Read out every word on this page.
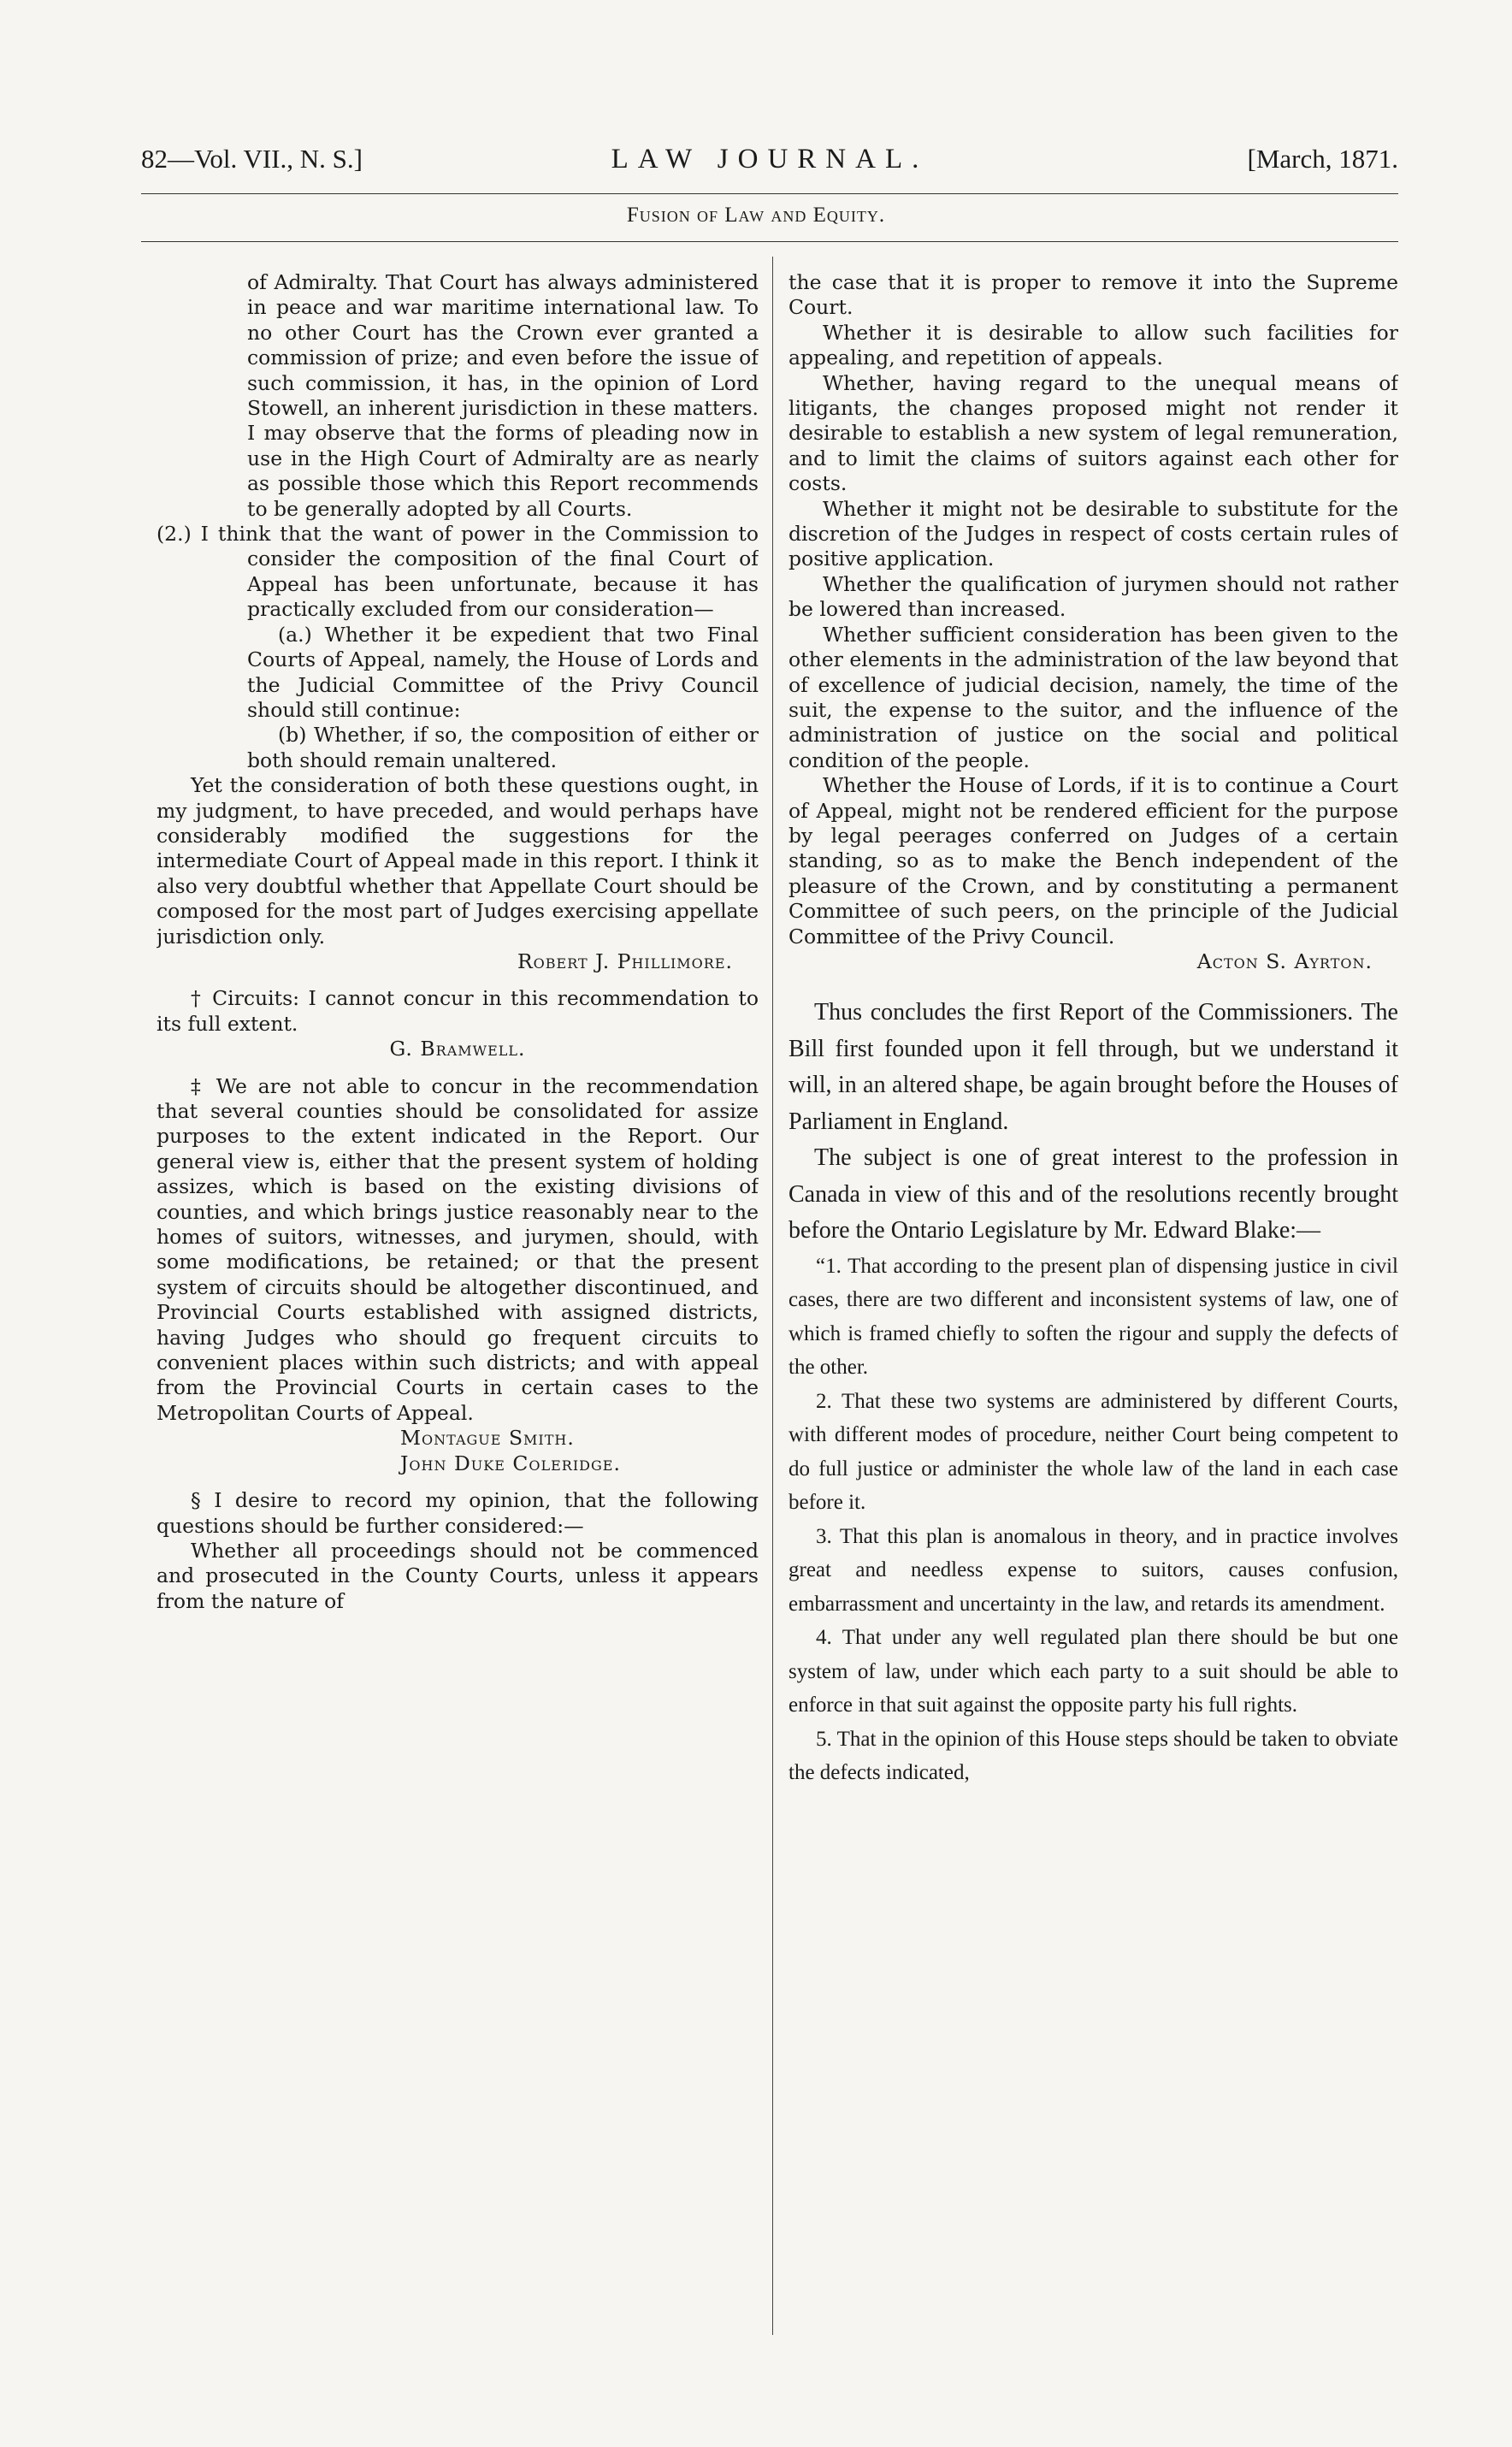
82—Vol. VII., N. S.]	LAW JOURNAL.	[March, 1871.
Fusion of Law and Equity.

of Admiralty. That Court has always administered in peace and war maritime international law. To no other Court has the Crown ever granted a commission of prize; and even before the issue of such commission, it has, in the opinion of Lord Stowell, an inherent jurisdiction in these matters. I may observe that the forms of pleading now in use in the High Court of Admiralty are as nearly as possible those which this Report recommends to be generally adopted by all Courts.

(2.) I think that the want of power in the Commission to consider the composition of the final Court of Appeal has been unfortunate, because it has practically excluded from our consideration—

(a.) Whether it be expedient that two Final Courts of Appeal, namely, the House of Lords and the Judicial Committee of the Privy Council should still continue:

(b) Whether, if so, the composition of either or both should remain unaltered.

Yet the consideration of both these questions ought, in my judgment, to have preceded, and would perhaps have considerably modified the suggestions for the intermediate Court of Appeal made in this report. I think it also very doubtful whether that Appellate Court should be composed for the most part of Judges exercising appellate jurisdiction only.

Robert J. Phillimore.

† Circuits: I cannot concur in this recommendation to its full extent.

G. Bramwell.

‡ We are not able to concur in the recommendation that several counties should be consolidated for assize purposes to the extent indicated in the Report. Our general view is, either that the present system of holding assizes, which is based on the existing divisions of counties, and which brings justice reasonably near to the homes of suitors, witnesses, and jurymen, should, with some modifications, be retained; or that the present system of circuits should be altogether discontinued, and Provincial Courts established with assigned districts, having Judges who should go frequent circuits to convenient places within such districts; and with appeal from the Provincial Courts in certain cases to the Metropolitan Courts of Appeal.

Montague Smith.

John Duke Coleridge.

§ I desire to record my opinion, that the following questions should be further considered:—

Whether all proceedings should not be commenced and prosecuted in the County Courts, unless it appears from the nature of

the case that it is proper to remove it into the Supreme Court.

Whether it is desirable to allow such facilities for appealing, and repetition of appeals.

Whether, having regard to the unequal means of litigants, the changes proposed might not render it desirable to establish a new system of legal remuneration, and to limit the claims of suitors against each other for costs.

Whether it might not be desirable to substitute for the discretion of the Judges in respect of costs certain rules of positive application.

Whether the qualification of jurymen should not rather be lowered than increased.

Whether sufficient consideration has been given to the other elements in the administration of the law beyond that of excellence of judicial decision, namely, the time of the suit, the expense to the suitor, and the influence of the administration of justice on the social and political condition of the people.

Whether the House of Lords, if it is to continue a Court of Appeal, might not be rendered efficient for the purpose by legal peerages conferred on Judges of a certain standing, so as to make the Bench independent of the pleasure of the Crown, and by constituting a permanent Committee of such peers, on the principle of the Judicial Committee of the Privy Council.

Acton S. Ayrton.

Thus concludes the first Report of the Commissioners. The Bill first founded upon it fell through, but we understand it will, in an altered shape, be again brought before the Houses of Parliament in England.

The subject is one of great interest to the profession in Canada in view of this and of the resolutions recently brought before the Ontario Legislature by Mr. Edward Blake:—

“1. That according to the present plan of dispensing justice in civil cases, there are two different and inconsistent systems of law, one of which is framed chiefly to soften the rigour and supply the defects of the other.

2. That these two systems are administered by different Courts, with different modes of procedure, neither Court being competent to do full justice or administer the whole law of the land in each case before it.

3. That this plan is anomalous in theory, and in practice involves great and needless expense to suitors, causes confusion, embarrassment and uncertainty in the law, and retards its amendment.

4. That under any well regulated plan there should be but one system of law, under which each party to a suit should be able to enforce in that suit against the opposite party his full rights.

5. That in the opinion of this House steps should be taken to obviate the defects indicated,
